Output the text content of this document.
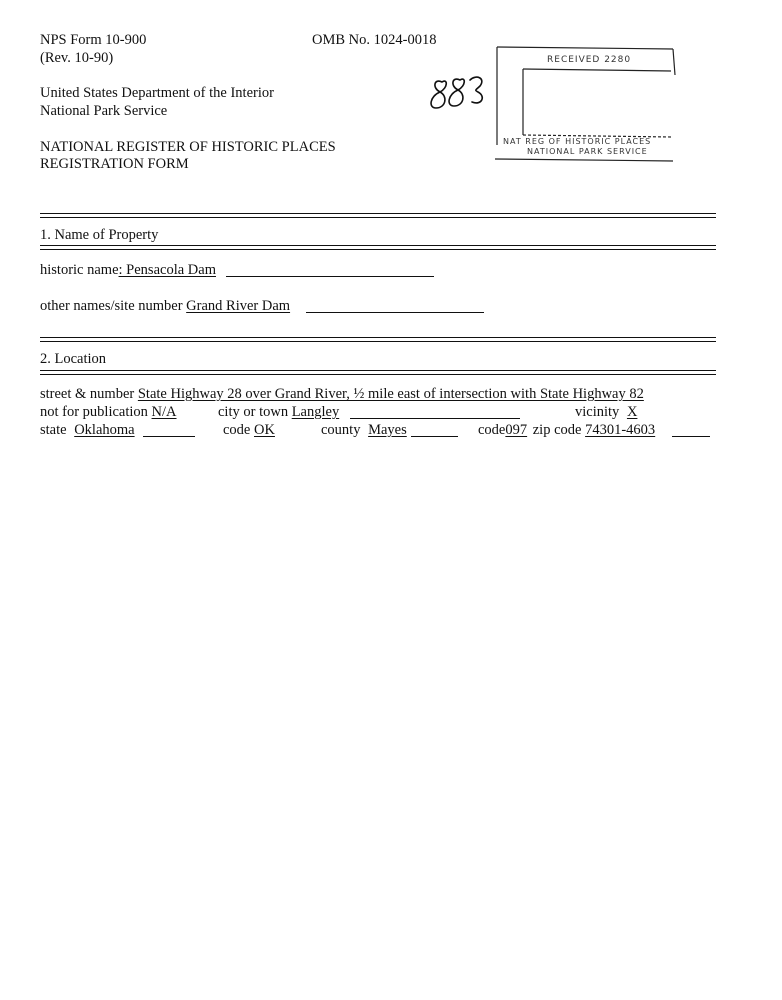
NPS Form 10-900
(Rev. 10-90)
OMB No. 1024-0018
United States Department of the Interior
National Park Service
NATIONAL REGISTER OF HISTORIC PLACES
REGISTRATION FORM
RECEIVED 2280
NAT REG OF HISTORIC PLACES
NATIONAL PARK SERVICE
1. Name of Property
historic name: Pensacola Dam
other names/site number Grand River Dam
2. Location
street & number State Highway 28 over Grand River, ½ mile east of intersection with State Highway 82
not for publication N/A	city or town Langley	vicinity X
state Oklahoma	code OK	county Mayes	code097 zip code 74301-4603
